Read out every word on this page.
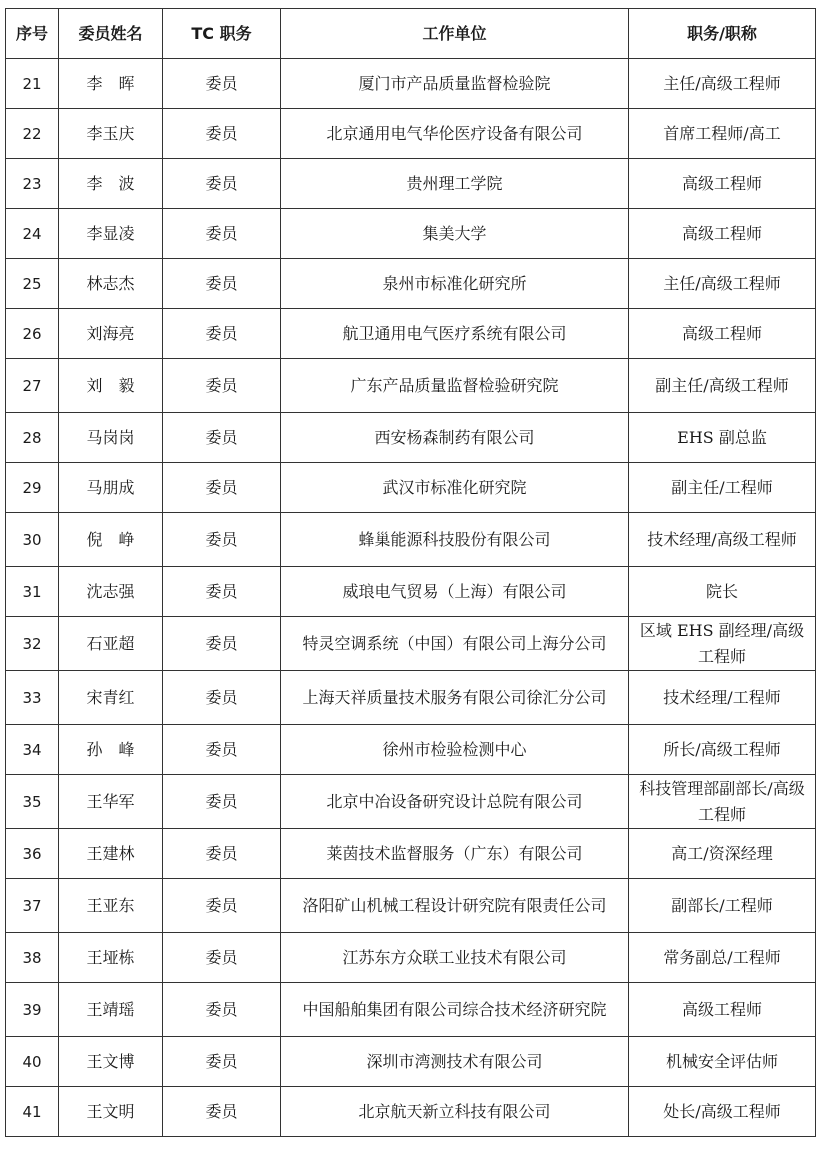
序号	委员姓名	TC 职务	工作单位	职务/职称
21	李　晖	委员	厦门市产品质量监督检验院	主任/高级工程师
22	李玉庆	委员	北京通用电气华伦医疗设备有限公司	首席工程师/高工
23	李　波	委员	贵州理工学院	高级工程师
24	李显凌	委员	集美大学	高级工程师
25	林志杰	委员	泉州市标准化研究所	主任/高级工程师
26	刘海亮	委员	航卫通用电气医疗系统有限公司	高级工程师
27	刘　毅	委员	广东产品质量监督检验研究院	副主任/高级工程师
28	马岗岗	委员	西安杨森制药有限公司	EHS 副总监
29	马朋成	委员	武汉市标准化研究院	副主任/工程师
30	倪　峥	委员	蜂巢能源科技股份有限公司	技术经理/高级工程师
31	沈志强	委员	威琅电气贸易（上海）有限公司	院长
32	石亚超	委员	特灵空调系统（中国）有限公司上海分公司	区域 EHS 副经理/高级工程师
33	宋青红	委员	上海天祥质量技术服务有限公司徐汇分公司	技术经理/工程师
34	孙　峰	委员	徐州市检验检测中心	所长/高级工程师
35	王华军	委员	北京中冶设备研究设计总院有限公司	科技管理部副部长/高级工程师
36	王建林	委员	莱茵技术监督服务（广东）有限公司	高工/资深经理
37	王亚东	委员	洛阳矿山机械工程设计研究院有限责任公司	副部长/工程师
38	王垭栋	委员	江苏东方众联工业技术有限公司	常务副总/工程师
39	王靖瑶	委员	中国船舶集团有限公司综合技术经济研究院	高级工程师
40	王文博	委员	深圳市湾测技术有限公司	机械安全评估师
41	王文明	委员	北京航天新立科技有限公司	处长/高级工程师
